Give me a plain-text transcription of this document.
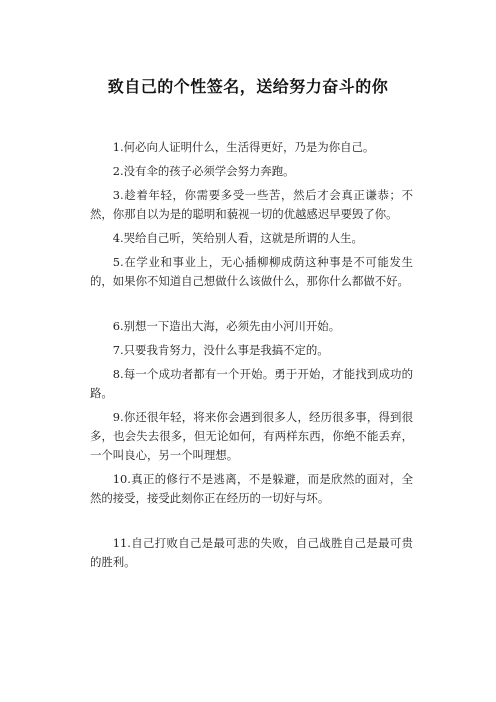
致自己的个性签名，送给努力奋斗的你

1.何必向人证明什么，生活得更好，乃是为你自己。

2.没有伞的孩子必须学会努力奔跑。

3.趁着年轻，你需要多受一些苦，然后才会真正谦恭；不然，你那自以为是的聪明和藐视一切的优越感迟早要毁了你。

4.哭给自己听，笑给别人看，这就是所谓的人生。

5.在学业和事业上，无心插柳柳成荫这种事是不可能发生的，如果你不知道自己想做什么该做什么，那你什么都做不好。

6.别想一下造出大海，必须先由小河川开始。

7.只要我肯努力，没什么事是我搞不定的。

8.每一个成功者都有一个开始。勇于开始，才能找到成功的路。

9.你还很年轻，将来你会遇到很多人，经历很多事，得到很多，也会失去很多，但无论如何，有两样东西，你绝不能丢弃，一个叫良心，另一个叫理想。

10.真正的修行不是逃离，不是躲避，而是欣然的面对，全然的接受，接受此刻你正在经历的一切好与坏。

11.自己打败自己是最可悲的失败，自己战胜自己是最可贵的胜利。
